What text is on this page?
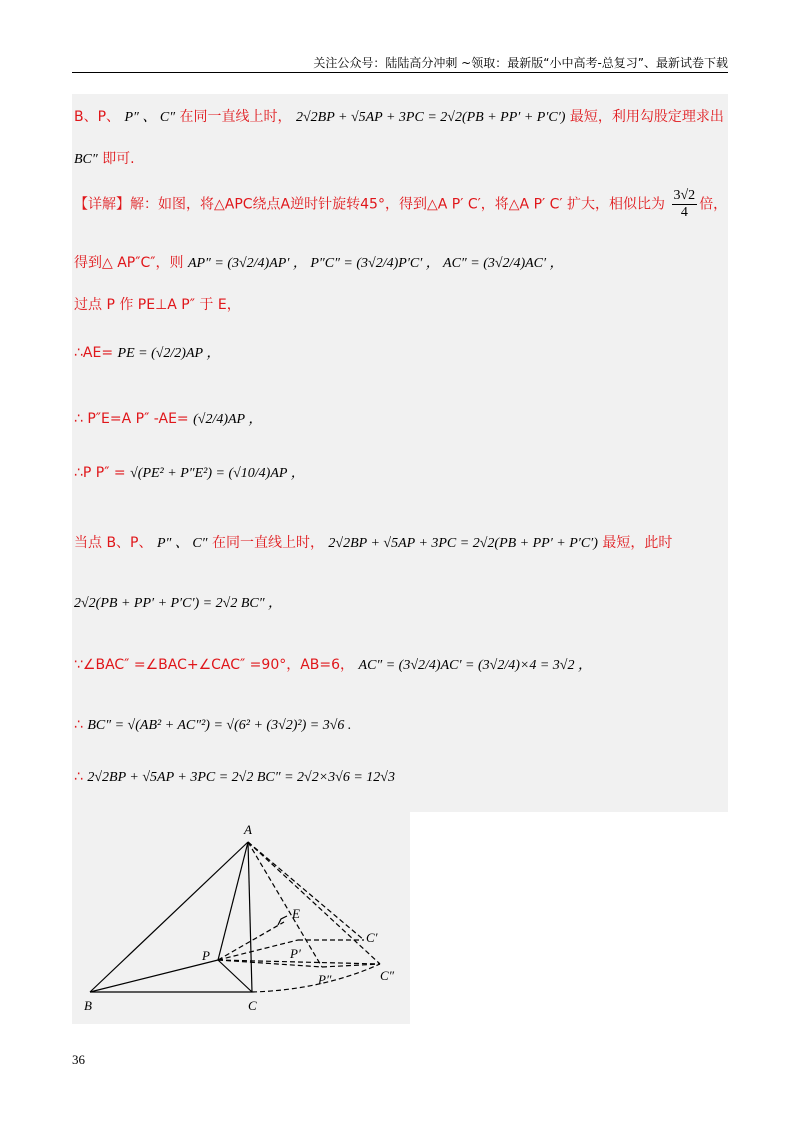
关注公众号：陆陆高分冲刺 ~领取：最新版“小中高考-总复习”、最新试卷下载
B、P、 P″ 、 C″ 在同一直线上时， 2√2BP + √5AP + 3PC = 2√2(PB + PP′ + P′C′) 最短，利用勾股定理求出
BC″ 即可.
【详解】解：如图，将△APC绕点A逆时针旋转45°，得到△A P′ C′，将△A P′ C′ 扩大，相似比为 $\frac{3√2}{4}$ 倍，
得到△ AP″C″，则 AP″ = (3√2/4)AP′ ， P″C″ = (3√2/4)P′C′ ， AC″ = (3√2/4)AC′ ，
过点 P 作 PE⊥A P″ 于 E，
∴AE= PE = (√2/2)AP ，
∴ P″E=A P″ -AE= (√2/4)AP ，
∴P P″ = √(PE² + P″E²) = (√10/4)AP ，
当点 B、P、 P″ 、 C″ 在同一直线上时， 2√2BP + √5AP + 3PC = 2√2(PB + PP′ + P′C′) 最短，此时
2√2(PB + PP′ + P′C′) = 2√2 BC″ ，
∵∠BAC″ =∠BAC+∠CAC″ =90°，AB=6， AC″ = (3√2/4)AC′ = (3√2/4)×4 = 3√2 ，
∴ BC″ = √(AB² + AC″²) = √(6² + (3√2)²) = 3√6 .
∴ 2√2BP + √5AP + 3PC = 2√2 BC″ = 2√2×3√6 = 12√3
A
B	C
P
E
P′
P″
C′
C″
36
